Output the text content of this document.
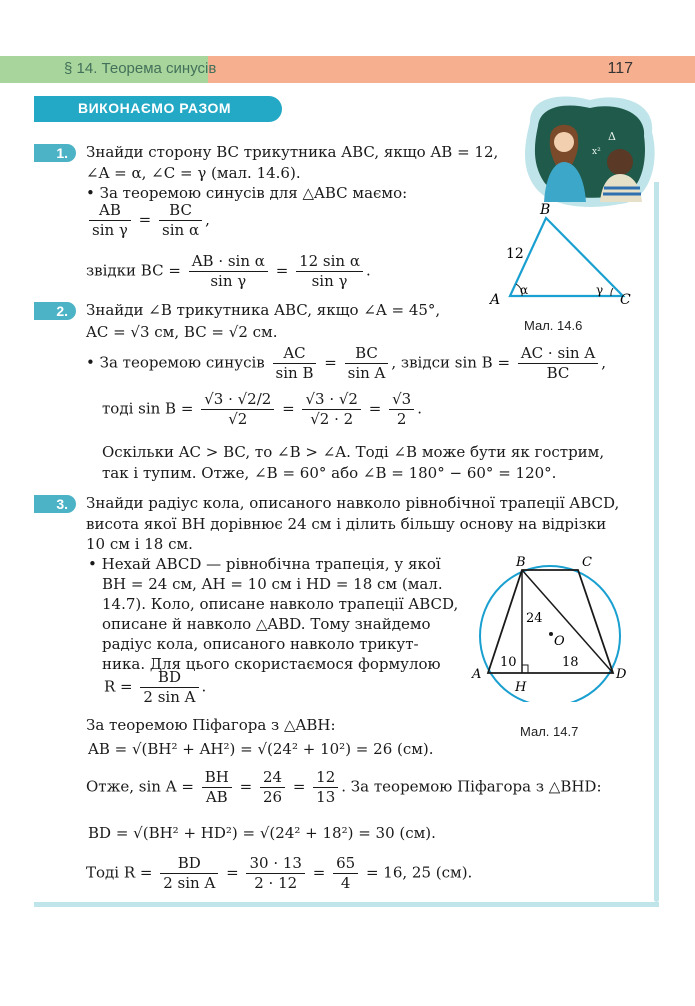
§ 14. Теорема синусів	117
ВИКОНАЄМО РАЗОМ
Δ
x²
1.	Знайди сторону BC трикутника ABC, якщо AB = 12,
∠A = α, ∠C = γ (мал. 14.6).
• За теоремою синусів для △ABC маємо:
$\frac{AB}{\text{sin γ}} = \frac{BC}{\text{sin α}}$ ,
звідки BC = $\frac{\text{AB · sin α}}{\text{sin γ}} = \frac{\text{12 sin α}}{\text{sin γ}}$ .
B
A	C
12
α	γ
Мал. 14.6
2.	Знайди ∠B трикутника ABC, якщо ∠A = 45°,
AC = √3 см, BC = √2 см.
• За теоремою синусів $\frac{AC}{\text{sin B}} = \frac{BC}{\text{sin A}}$ , звідси $\sin B = \frac{\text{AC · sin A}}{BC}$ ,
тоді $\sin B = \frac{√3 \cdot √2/2}{√2} = \frac{√3 \cdot √2}{√2 \cdot 2} = \frac{√3}{2}$ .
Оскільки AC > BC, то ∠B > ∠A. Тоді ∠B може бути як гострим,
так і тупим. Отже, ∠B = 60° або ∠B = 180° − 60° = 120°.
3.	Знайди радіус кола, описаного навколо рівнобічної трапеції ABCD,
висота якої BH дорівнює 24 см і ділить більшу основу на відрізки
10 см і 18 см.
• Нехай ABCD — рівнобічна трапеція, у якої
BH = 24 см, AH = 10 см і HD = 18 см (мал.
14.7). Коло, описане навколо трапеції ABCD,
описане й навколо △ABD. Тому знайдемо
радіус кола, описаного навколо трикут-
ника. Для цього скористаємося формулою
$R = \frac{BD}{\text{2 sin A}}$ .
За теоремою Піфагора з △ABH:
AB = √(BH² + AH²) = √(24² + 10²) = 26 (см).
Отже, $\sin A = \frac{BH}{AB} = \frac{24}{26} = \frac{12}{13}$ . За теоремою Піфагора з △BHD:
BD = √(BH² + HD²) = √(24² + 18²) = 30 (см).
Тоді $R = \frac{BD}{\text{2 sin A}} = \frac{30 \cdot 13}{2 \cdot 12} = \frac{65}{4} = 16$, 25 (см).
B	C
A	D
H
O
24
10	18
Мал. 14.7
